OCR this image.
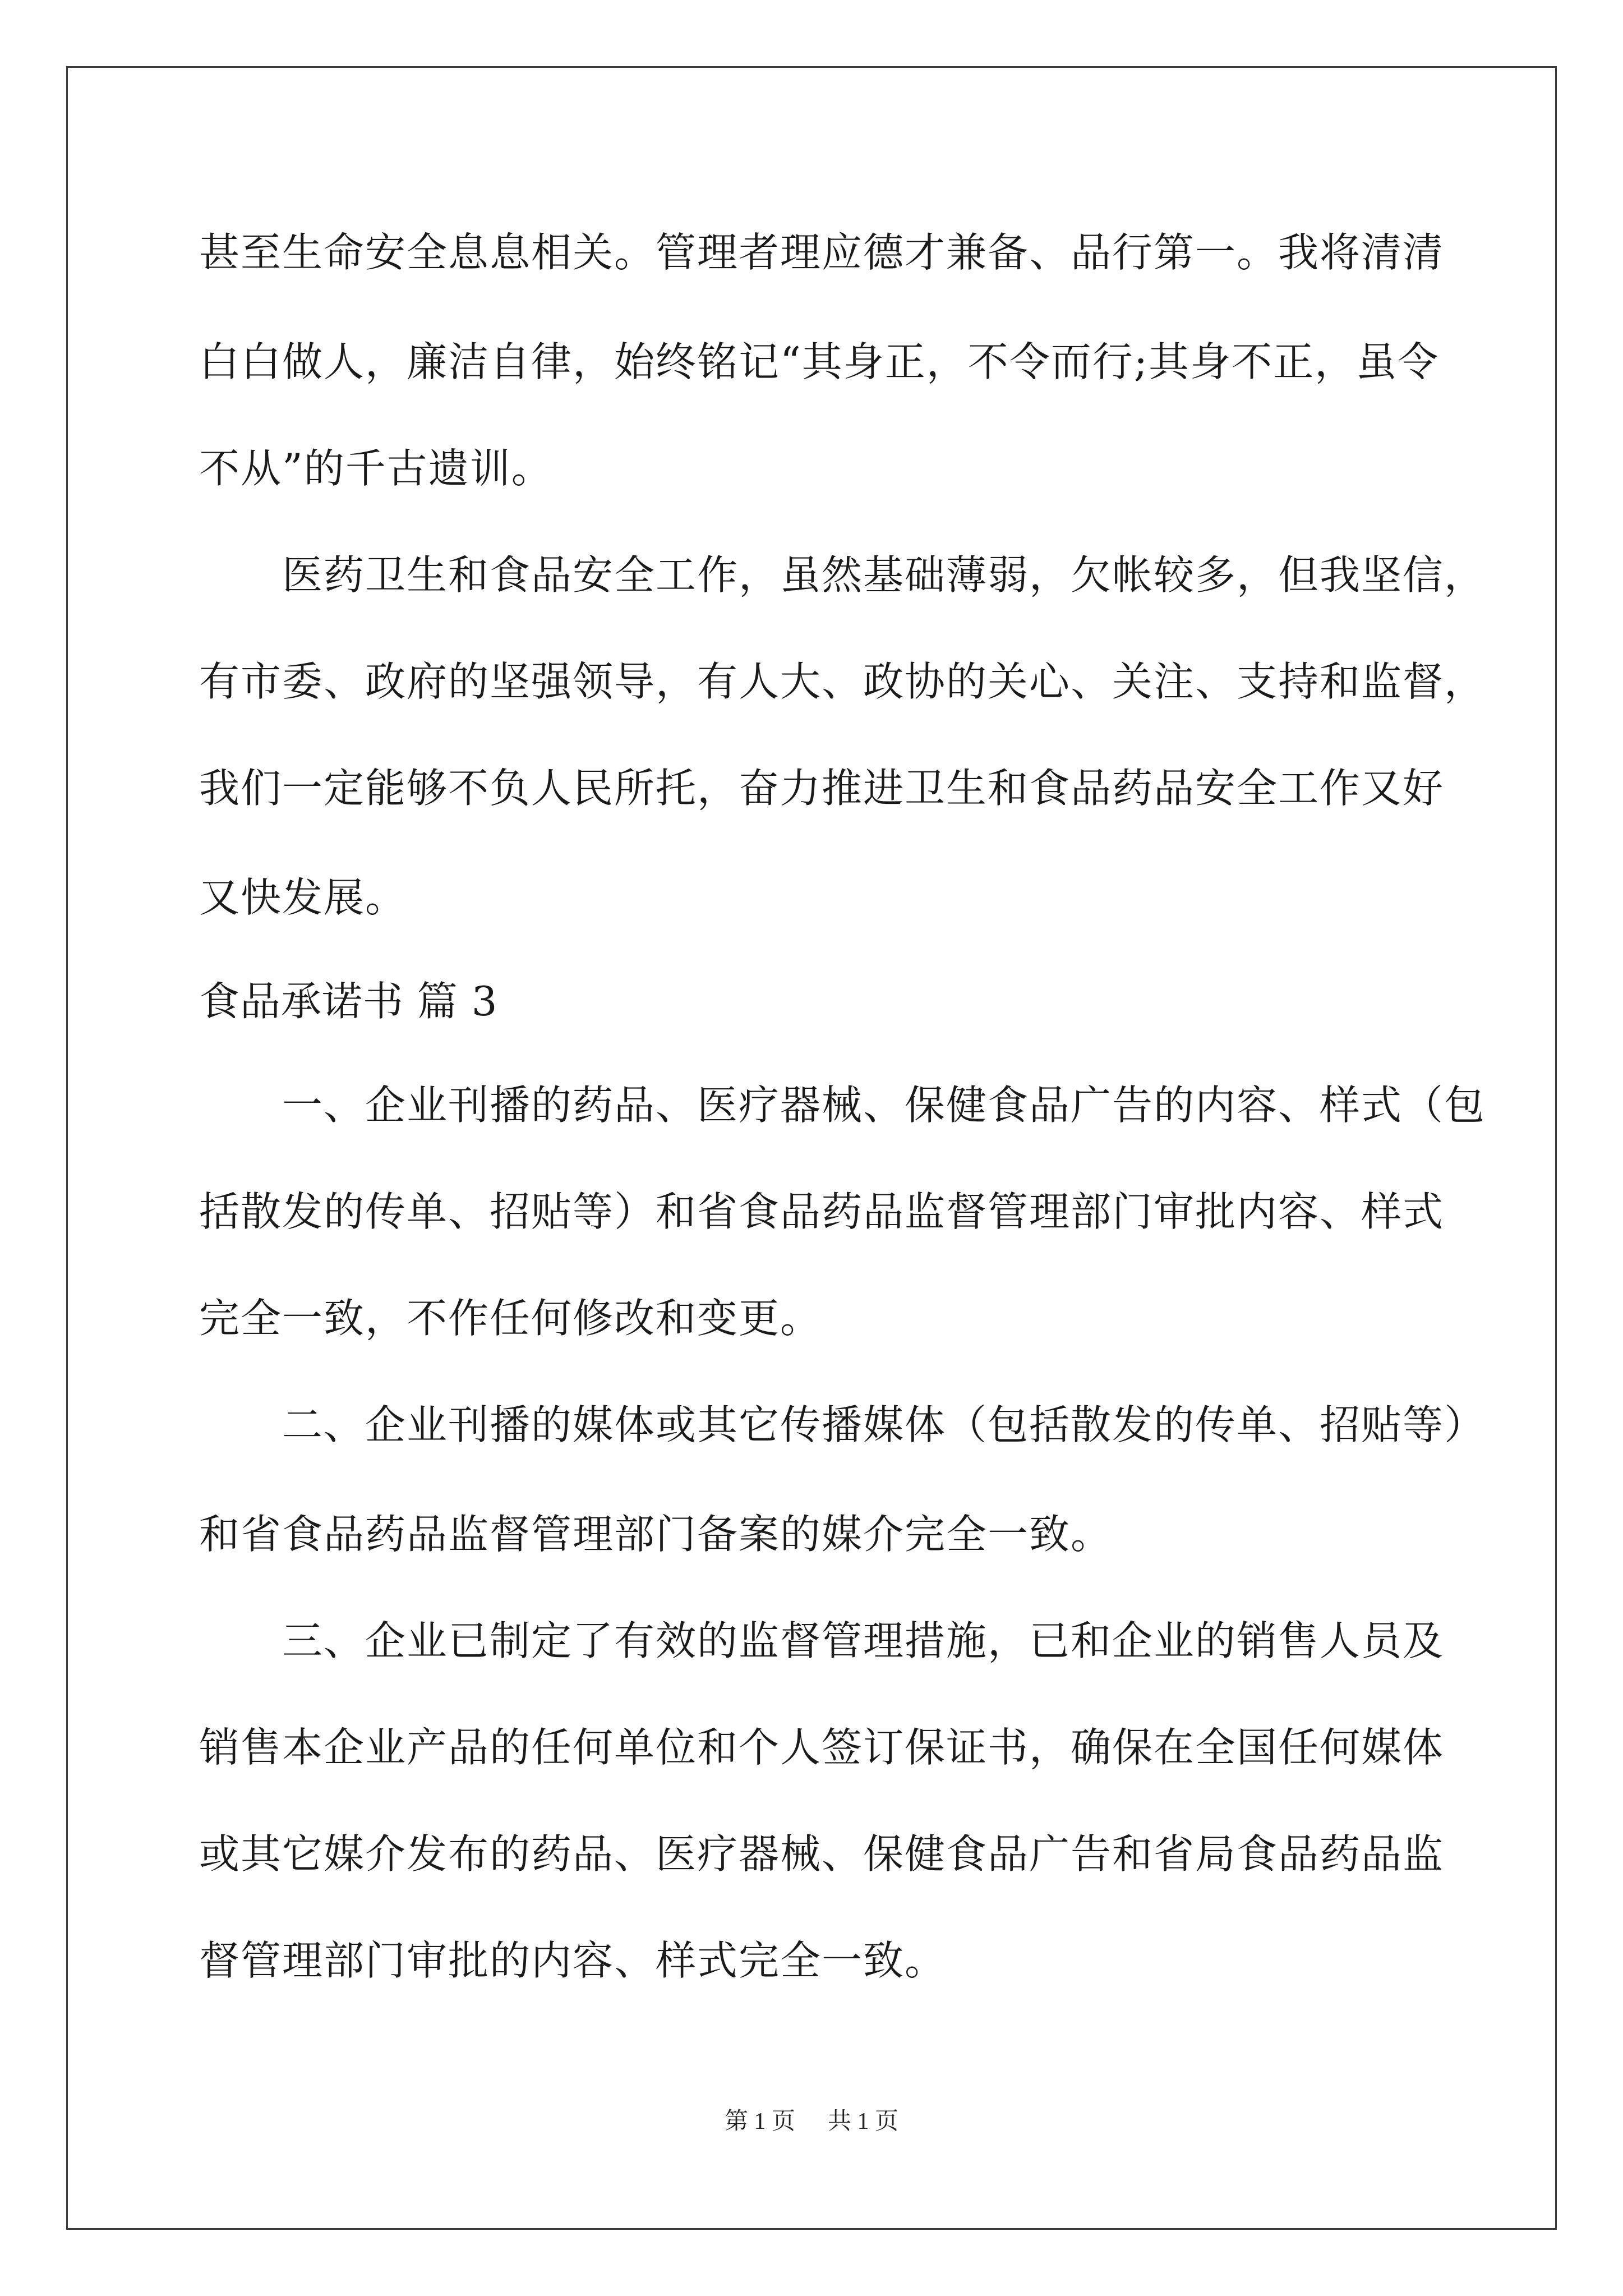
甚至生命安全息息相关。管理者理应德才兼备、品行第一。我将清清
白白做人，廉洁自律，始终铭记“其身正，不令而行;其身不正，虽令
不从”的千古遗训。
医药卫生和食品安全工作，虽然基础薄弱，欠帐较多，但我坚信，
有市委、政府的坚强领导，有人大、政协的关心、关注、支持和监督，
我们一定能够不负人民所托，奋力推进卫生和食品药品安全工作又好
又快发展。
食品承诺书 篇 3
一、企业刊播的药品、医疗器械、保健食品广告的内容、样式（包
括散发的传单、招贴等）和省食品药品监督管理部门审批内容、样式
完全一致，不作任何修改和变更。
二、企业刊播的媒体或其它传播媒体（包括散发的传单、招贴等）
和省食品药品监督管理部门备案的媒介完全一致。
三、企业已制定了有效的监督管理措施，已和企业的销售人员及
销售本企业产品的任何单位和个人签订保证书，确保在全国任何媒体
或其它媒介发布的药品、医疗器械、保健食品广告和省局食品药品监
督管理部门审批的内容、样式完全一致。
第 1 页 共 1 页
